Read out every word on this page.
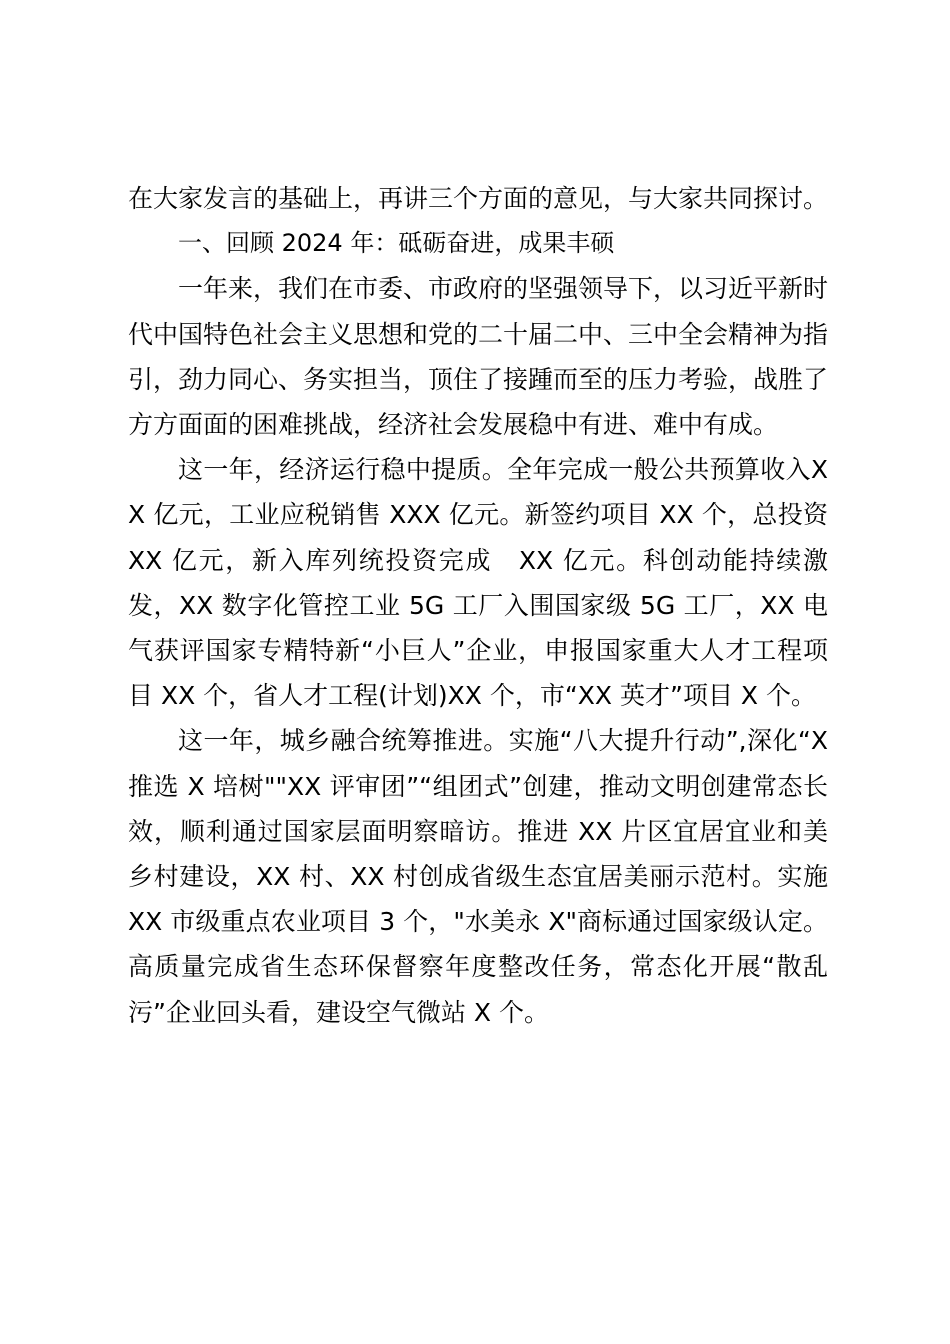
在大家发言的基础上，再讲三个方面的意见，与大家共同探讨。

一、回顾 2024 年：砥砺奋进，成果丰硕

一年来，我们在市委、市政府的坚强领导下，以习近平新时代中国特色社会主义思想和党的二十届二中、三中全会精神为指引，劲力同心、务实担当，顶住了接踵而至的压力考验，战胜了方方面面的困难挑战，经济社会发展稳中有进、难中有成。

这一年，经济运行稳中提质。全年完成一般公共预算收入XX 亿元，工业应税销售 XXX 亿元。新签约项目 XX 个，总投资 XX 亿元，新入库列统投资完成　XX 亿元。科创动能持续激发，XX 数字化管控工业 5G 工厂入围国家级 5G 工厂，XX 电气获评国家专精特新“小巨人”企业，申报国家重大人才工程项目 XX 个，省人才工程(计划)XX 个，市“XX 英才”项目 X 个。

这一年，城乡融合统筹推进。实施“八大提升行动”,深化“X 推选 X 培树""XX 评审团”“组团式”创建，推动文明创建常态长效，顺利通过国家层面明察暗访。推进 XX 片区宜居宜业和美乡村建设，XX 村、XX 村创成省级生态宜居美丽示范村。实施XX 市级重点农业项目 3 个，"水美永 X"商标通过国家级认定。高质量完成省生态环保督察年度整改任务，常态化开展“散乱污”企业回头看，建设空气微站 X 个。
